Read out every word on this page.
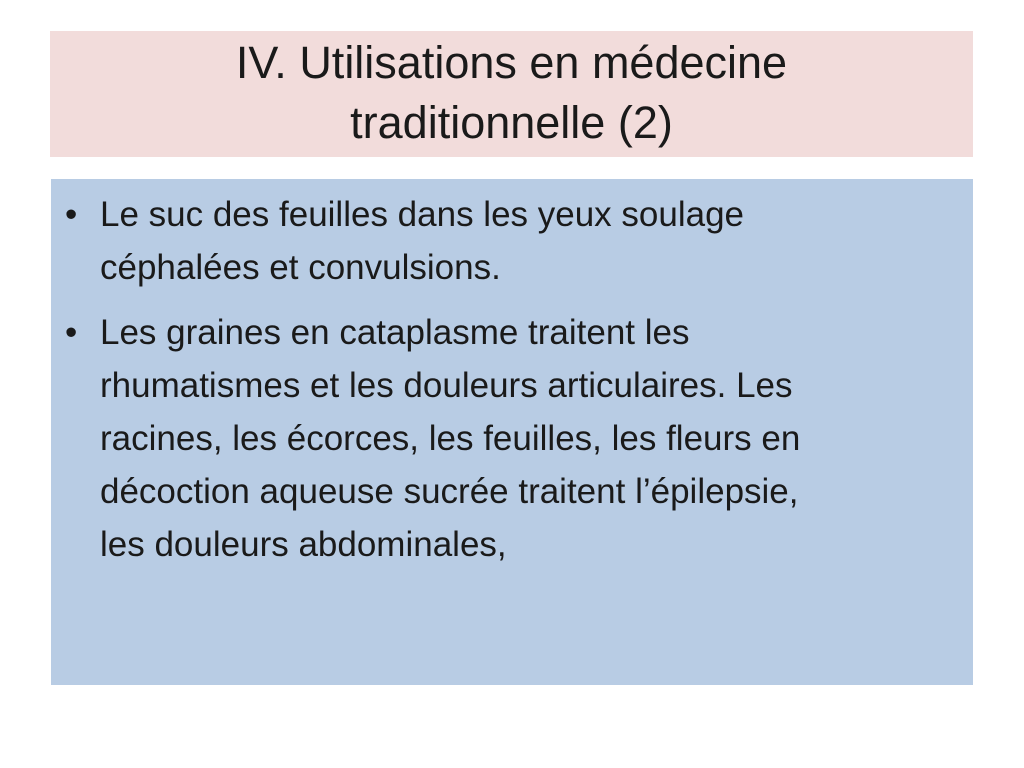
IV. Utilisations en médecine
traditionnelle (2)
• Le suc des feuilles dans les yeux soulage
céphalées et convulsions.
• Les graines en cataplasme traitent les
rhumatismes et les douleurs articulaires. Les
racines, les écorces, les feuilles, les fleurs en
décoction aqueuse sucrée traitent l’épilepsie,
les douleurs abdominales,
